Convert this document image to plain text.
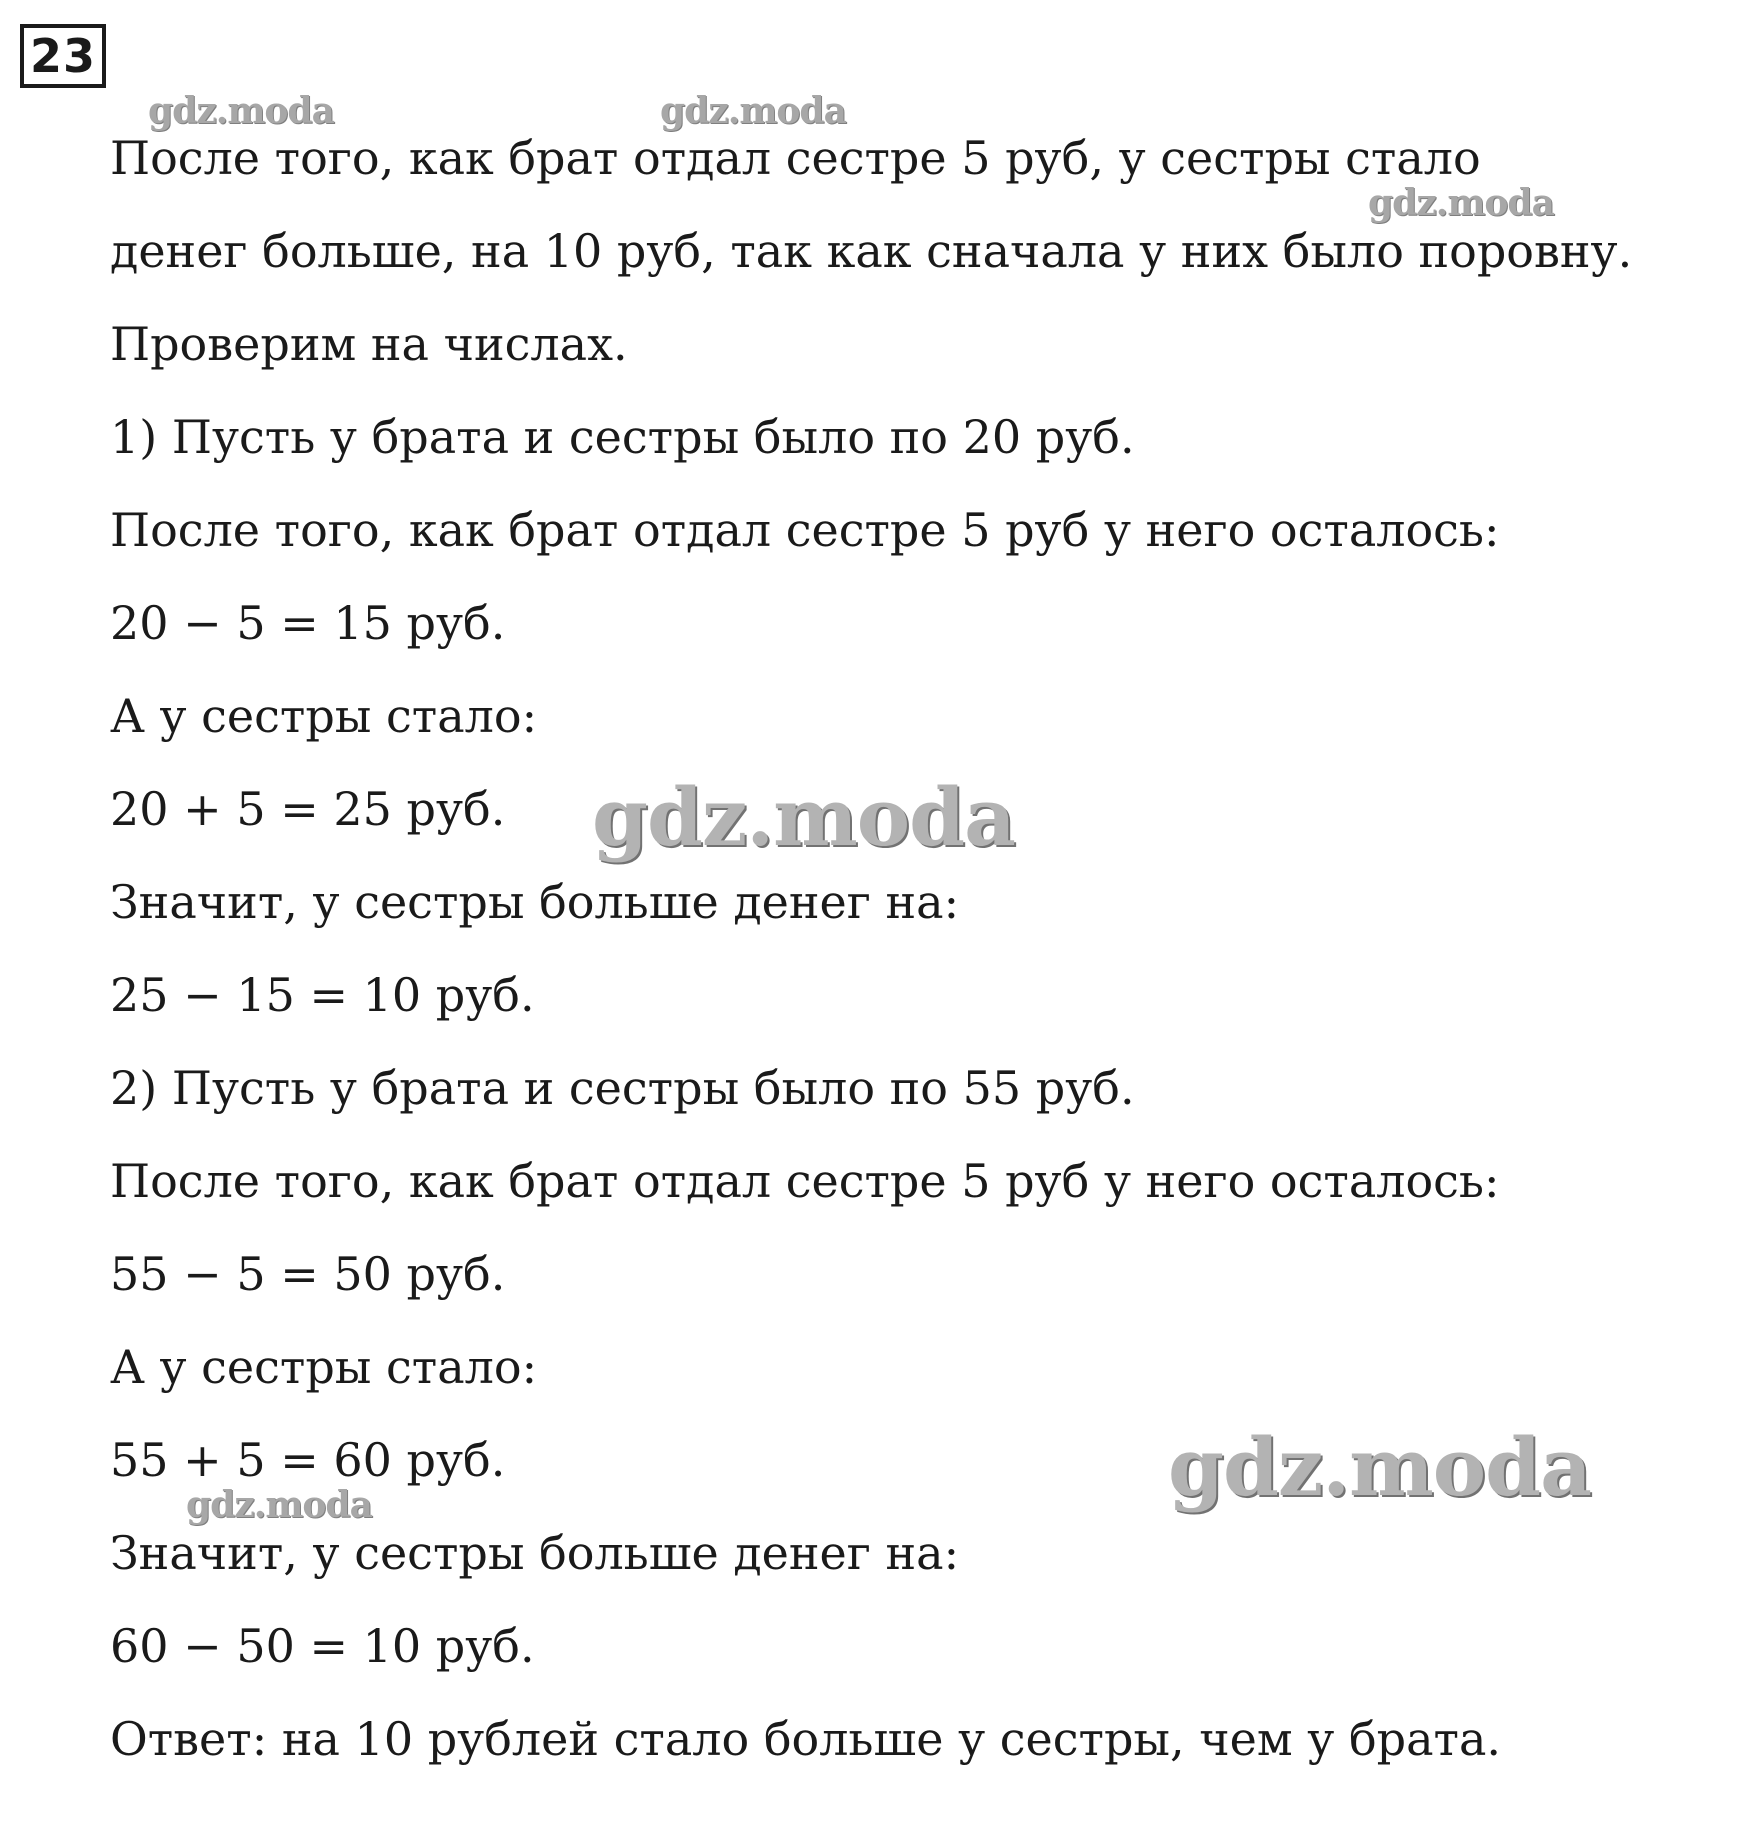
23
После того, как брат отдал сестре 5 руб, у сестры стало
денег больше, на 10 руб, так как сначала у них было поровну.
Проверим на числах.
1) Пусть у брата и сестры было по 20 руб.
После того, как брат отдал сестре 5 руб у него осталось:
20 − 5 = 15 руб.
А у сестры стало:
20 + 5 = 25 руб.
Значит, у сестры больше денег на:
25 − 15 = 10 руб.
2) Пусть у брата и сестры было по 55 руб.
После того, как брат отдал сестре 5 руб у него осталось:
55 − 5 = 50 руб.
А у сестры стало:
55 + 5 = 60 руб.
Значит, у сестры больше денег на:
60 − 50 = 10 руб.
Ответ: на 10 рублей стало больше у сестры, чем у брата.
gdz.moda	gdz.moda
gdz.moda
gdz.moda
gdz.moda
gdz.moda
